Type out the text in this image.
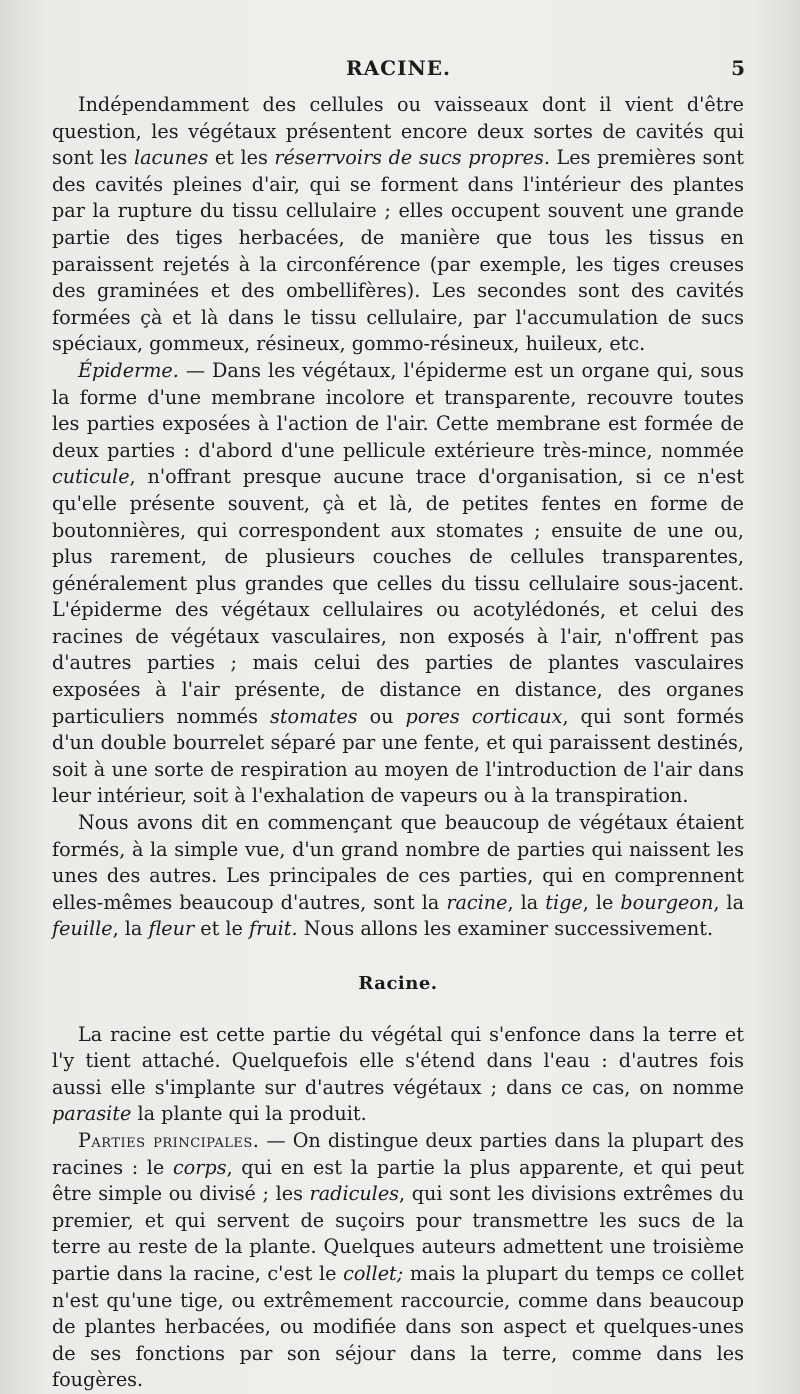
RACINE.	5

Indépendamment des cellules ou vaisseaux dont il vient d'être question, les végétaux présentent encore deux sortes de cavités qui sont les lacunes et les réserrvoirs de sucs propres. Les premières sont des cavités pleines d'air, qui se forment dans l'intérieur des plantes par la rupture du tissu cellulaire ; elles occupent souvent une grande partie des tiges herbacées, de manière que tous les tissus en paraissent rejetés à la circonférence (par exemple, les tiges creuses des graminées et des ombellifères). Les secondes sont des cavités formées çà et là dans le tissu cellulaire, par l'accumulation de sucs spéciaux, gommeux, résineux, gommo-résineux, huileux, etc.

Épiderme. — Dans les végétaux, l'épiderme est un organe qui, sous la forme d'une membrane incolore et transparente, recouvre toutes les parties exposées à l'action de l'air. Cette membrane est formée de deux parties : d'abord d'une pellicule extérieure très-mince, nommée cuticule, n'offrant presque aucune trace d'organisation, si ce n'est qu'elle présente souvent, çà et là, de petites fentes en forme de boutonnières, qui correspondent aux stomates ; ensuite de une ou, plus rarement, de plusieurs couches de cellules transparentes, généralement plus grandes que celles du tissu cellulaire sous-jacent. L'épiderme des végétaux cellulaires ou acotylédonés, et celui des racines de végétaux vasculaires, non exposés à l'air, n'offrent pas d'autres parties ; mais celui des parties de plantes vasculaires exposées à l'air présente, de distance en distance, des organes particuliers nommés stomates ou pores corticaux, qui sont formés d'un double bourrelet séparé par une fente, et qui paraissent destinés, soit à une sorte de respiration au moyen de l'introduction de l'air dans leur intérieur, soit à l'exhalation de vapeurs ou à la transpiration.

Nous avons dit en commençant que beaucoup de végétaux étaient formés, à la simple vue, d'un grand nombre de parties qui naissent les unes des autres. Les principales de ces parties, qui en comprennent elles-mêmes beaucoup d'autres, sont la racine, la tige, le bourgeon, la feuille, la fleur et le fruit. Nous allons les examiner successivement.

Racine.

La racine est cette partie du végétal qui s'enfonce dans la terre et l'y tient attaché. Quelquefois elle s'étend dans l'eau : d'autres fois aussi elle s'implante sur d'autres végétaux ; dans ce cas, on nomme parasite la plante qui la produit.

Parties principales. — On distingue deux parties dans la plupart des racines : le corps, qui en est la partie la plus apparente, et qui peut être simple ou divisé ; les radicules, qui sont les divisions extrêmes du premier, et qui servent de suçoirs pour transmettre les sucs de la terre au reste de la plante. Quelques auteurs admettent une troisième partie dans la racine, c'est le collet; mais la plupart du temps ce collet n'est qu'une tige, ou extrêmement raccourcie, comme dans beaucoup de plantes herbacées, ou modifiée dans son aspect et quelques-unes de ses fonctions par son séjour dans la terre, comme dans les fougères.
